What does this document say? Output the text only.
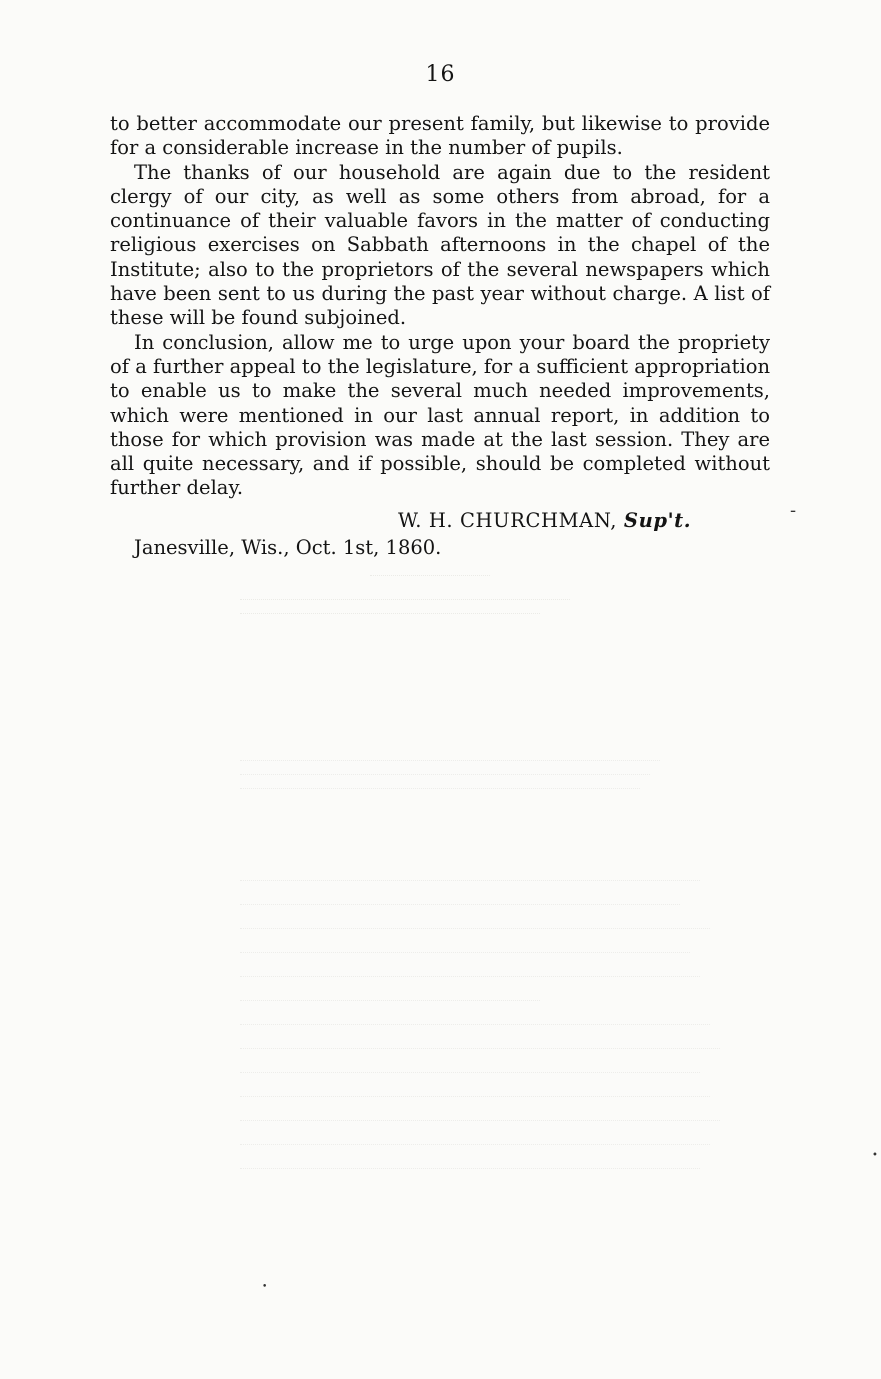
16

to better accommodate our present family, but likewise to provide for a considerable increase in the number of pupils.

The thanks of our household are again due to the resident clergy of our city, as well as some others from abroad, for a continuance of their valuable favors in the matter of conducting religious exercises on Sabbath afternoons in the chapel of the Institute; also to the proprietors of the several newspapers which have been sent to us during the past year without charge. A list of these will be found subjoined.

In conclusion, allow me to urge upon your board the propriety of a further appeal to the legislature, for a sufficient appropriation to enable us to make the several much needed improvements, which were mentioned in our last annual report, in addition to those for which provision was made at the last session. They are all quite necessary, and if possible, should be completed without further delay.

W. H. CHURCHMAN, Sup't.
Janesville, Wis., Oct. 1st, 1860.
-
•
•
